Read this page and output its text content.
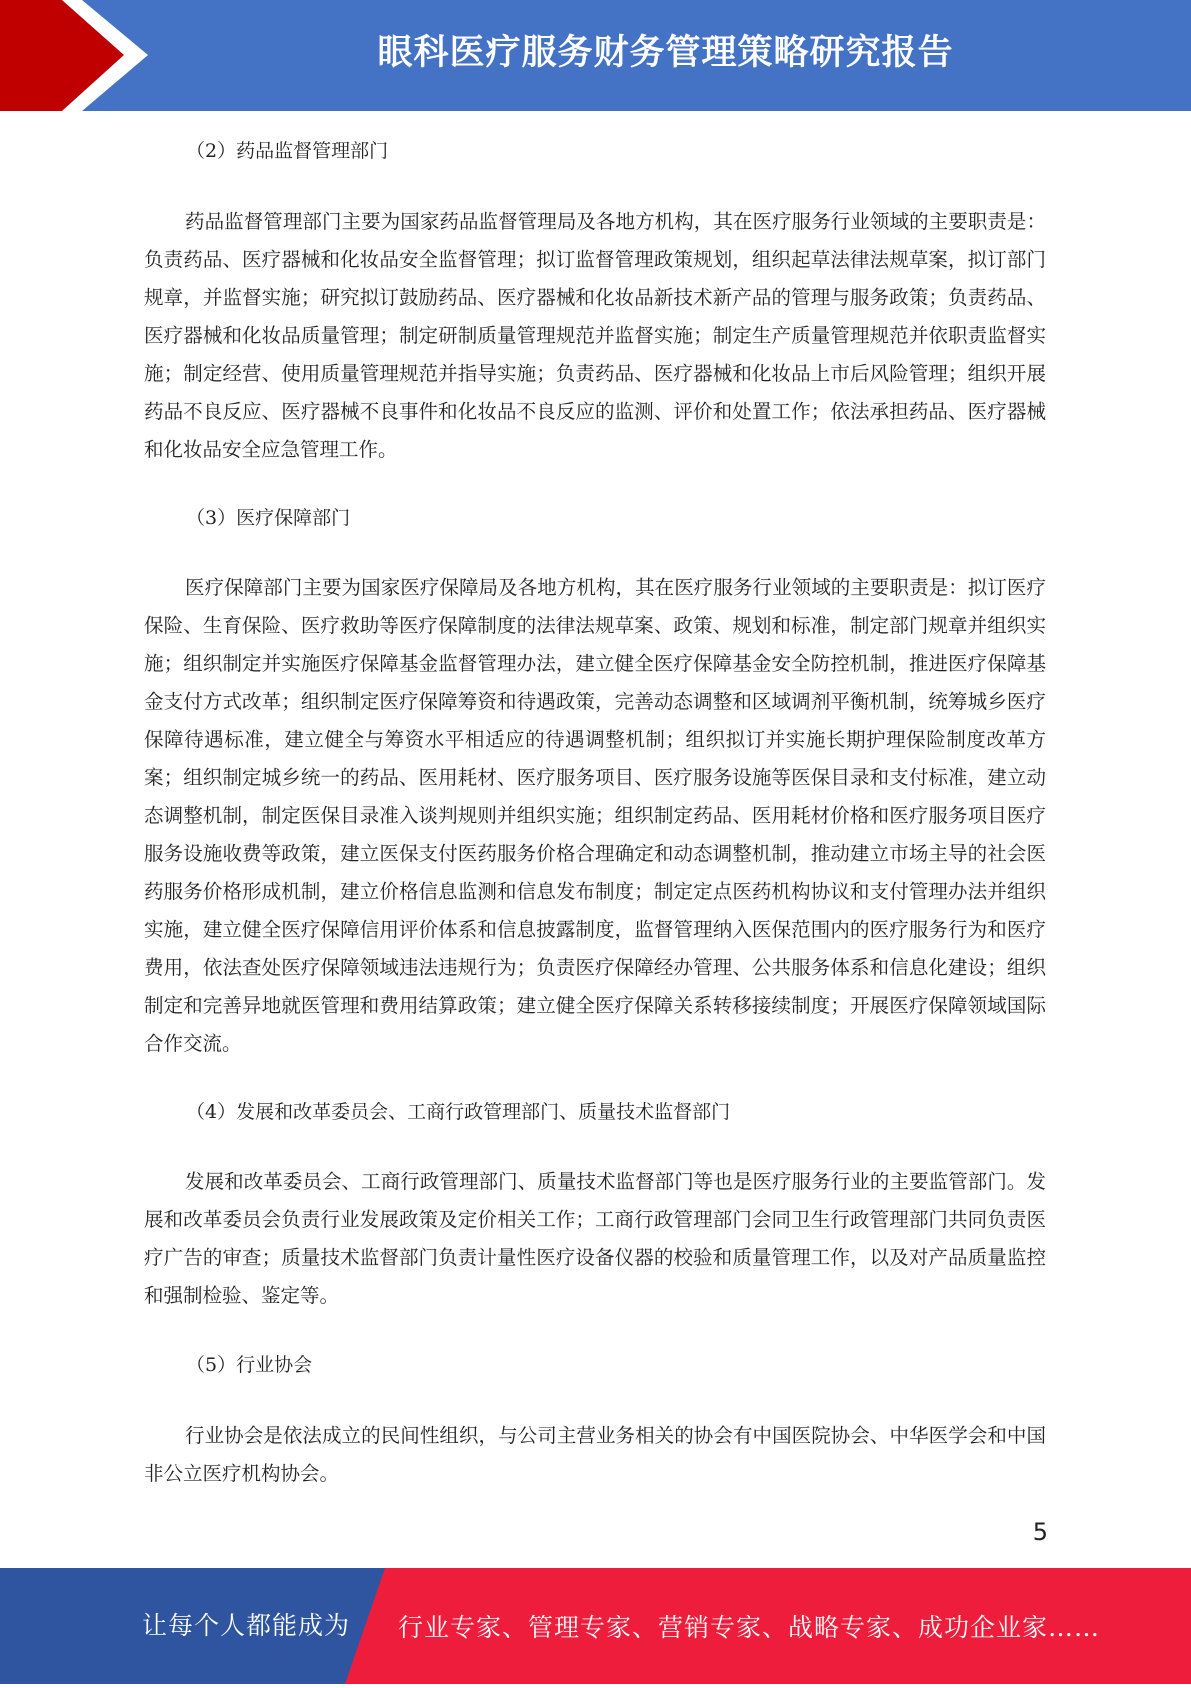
眼科医疗服务财务管理策略研究报告
（2）药品监督管理部门

药品监督管理部门主要为国家药品监督管理局及各地方机构，其在医疗服务行业领域的主要职责是：负责药品、医疗器械和化妆品安全监督管理；拟订监督管理政策规划，组织起草法律法规草案，拟订部门规章，并监督实施；研究拟订鼓励药品、医疗器械和化妆品新技术新产品的管理与服务政策；负责药品、医疗器械和化妆品质量管理；制定研制质量管理规范并监督实施；制定生产质量管理规范并依职责监督实施；制定经营、使用质量管理规范并指导实施；负责药品、医疗器械和化妆品上市后风险管理；组织开展药品不良反应、医疗器械不良事件和化妆品不良反应的监测、评价和处置工作；依法承担药品、医疗器械和化妆品安全应急管理工作。

（3）医疗保障部门

医疗保障部门主要为国家医疗保障局及各地方机构，其在医疗服务行业领域的主要职责是：拟订医疗保险、生育保险、医疗救助等医疗保障制度的法律法规草案、政策、规划和标准，制定部门规章并组织实施；组织制定并实施医疗保障基金监督管理办法，建立健全医疗保障基金安全防控机制，推进医疗保障基金支付方式改革；组织制定医疗保障筹资和待遇政策，完善动态调整和区域调剂平衡机制，统筹城乡医疗保障待遇标准，建立健全与筹资水平相适应的待遇调整机制；组织拟订并实施长期护理保险制度改革方案；组织制定城乡统一的药品、医用耗材、医疗服务项目、医疗服务设施等医保目录和支付标准，建立动态调整机制，制定医保目录准入谈判规则并组织实施；组织制定药品、医用耗材价格和医疗服务项目医疗服务设施收费等政策，建立医保支付医药服务价格合理确定和动态调整机制，推动建立市场主导的社会医药服务价格形成机制，建立价格信息监测和信息发布制度；制定定点医药机构协议和支付管理办法并组织实施，建立健全医疗保障信用评价体系和信息披露制度，监督管理纳入医保范围内的医疗服务行为和医疗费用，依法查处医疗保障领域违法违规行为；负责医疗保障经办管理、公共服务体系和信息化建设；组织制定和完善异地就医管理和费用结算政策；建立健全医疗保障关系转移接续制度；开展医疗保障领域国际合作交流。

（4）发展和改革委员会、工商行政管理部门、质量技术监督部门

发展和改革委员会、工商行政管理部门、质量技术监督部门等也是医疗服务行业的主要监管部门。发展和改革委员会负责行业发展政策及定价相关工作；工商行政管理部门会同卫生行政管理部门共同负责医疗广告的审查；质量技术监督部门负责计量性医疗设备仪器的校验和质量管理工作，以及对产品质量监控和强制检验、鉴定等。

（5）行业协会

行业协会是依法成立的民间性组织，与公司主营业务相关的协会有中国医院协会、中华医学会和中国非公立医疗机构协会。

5
让每个人都能成为 行业专家、管理专家、营销专家、战略专家、成功企业家……
